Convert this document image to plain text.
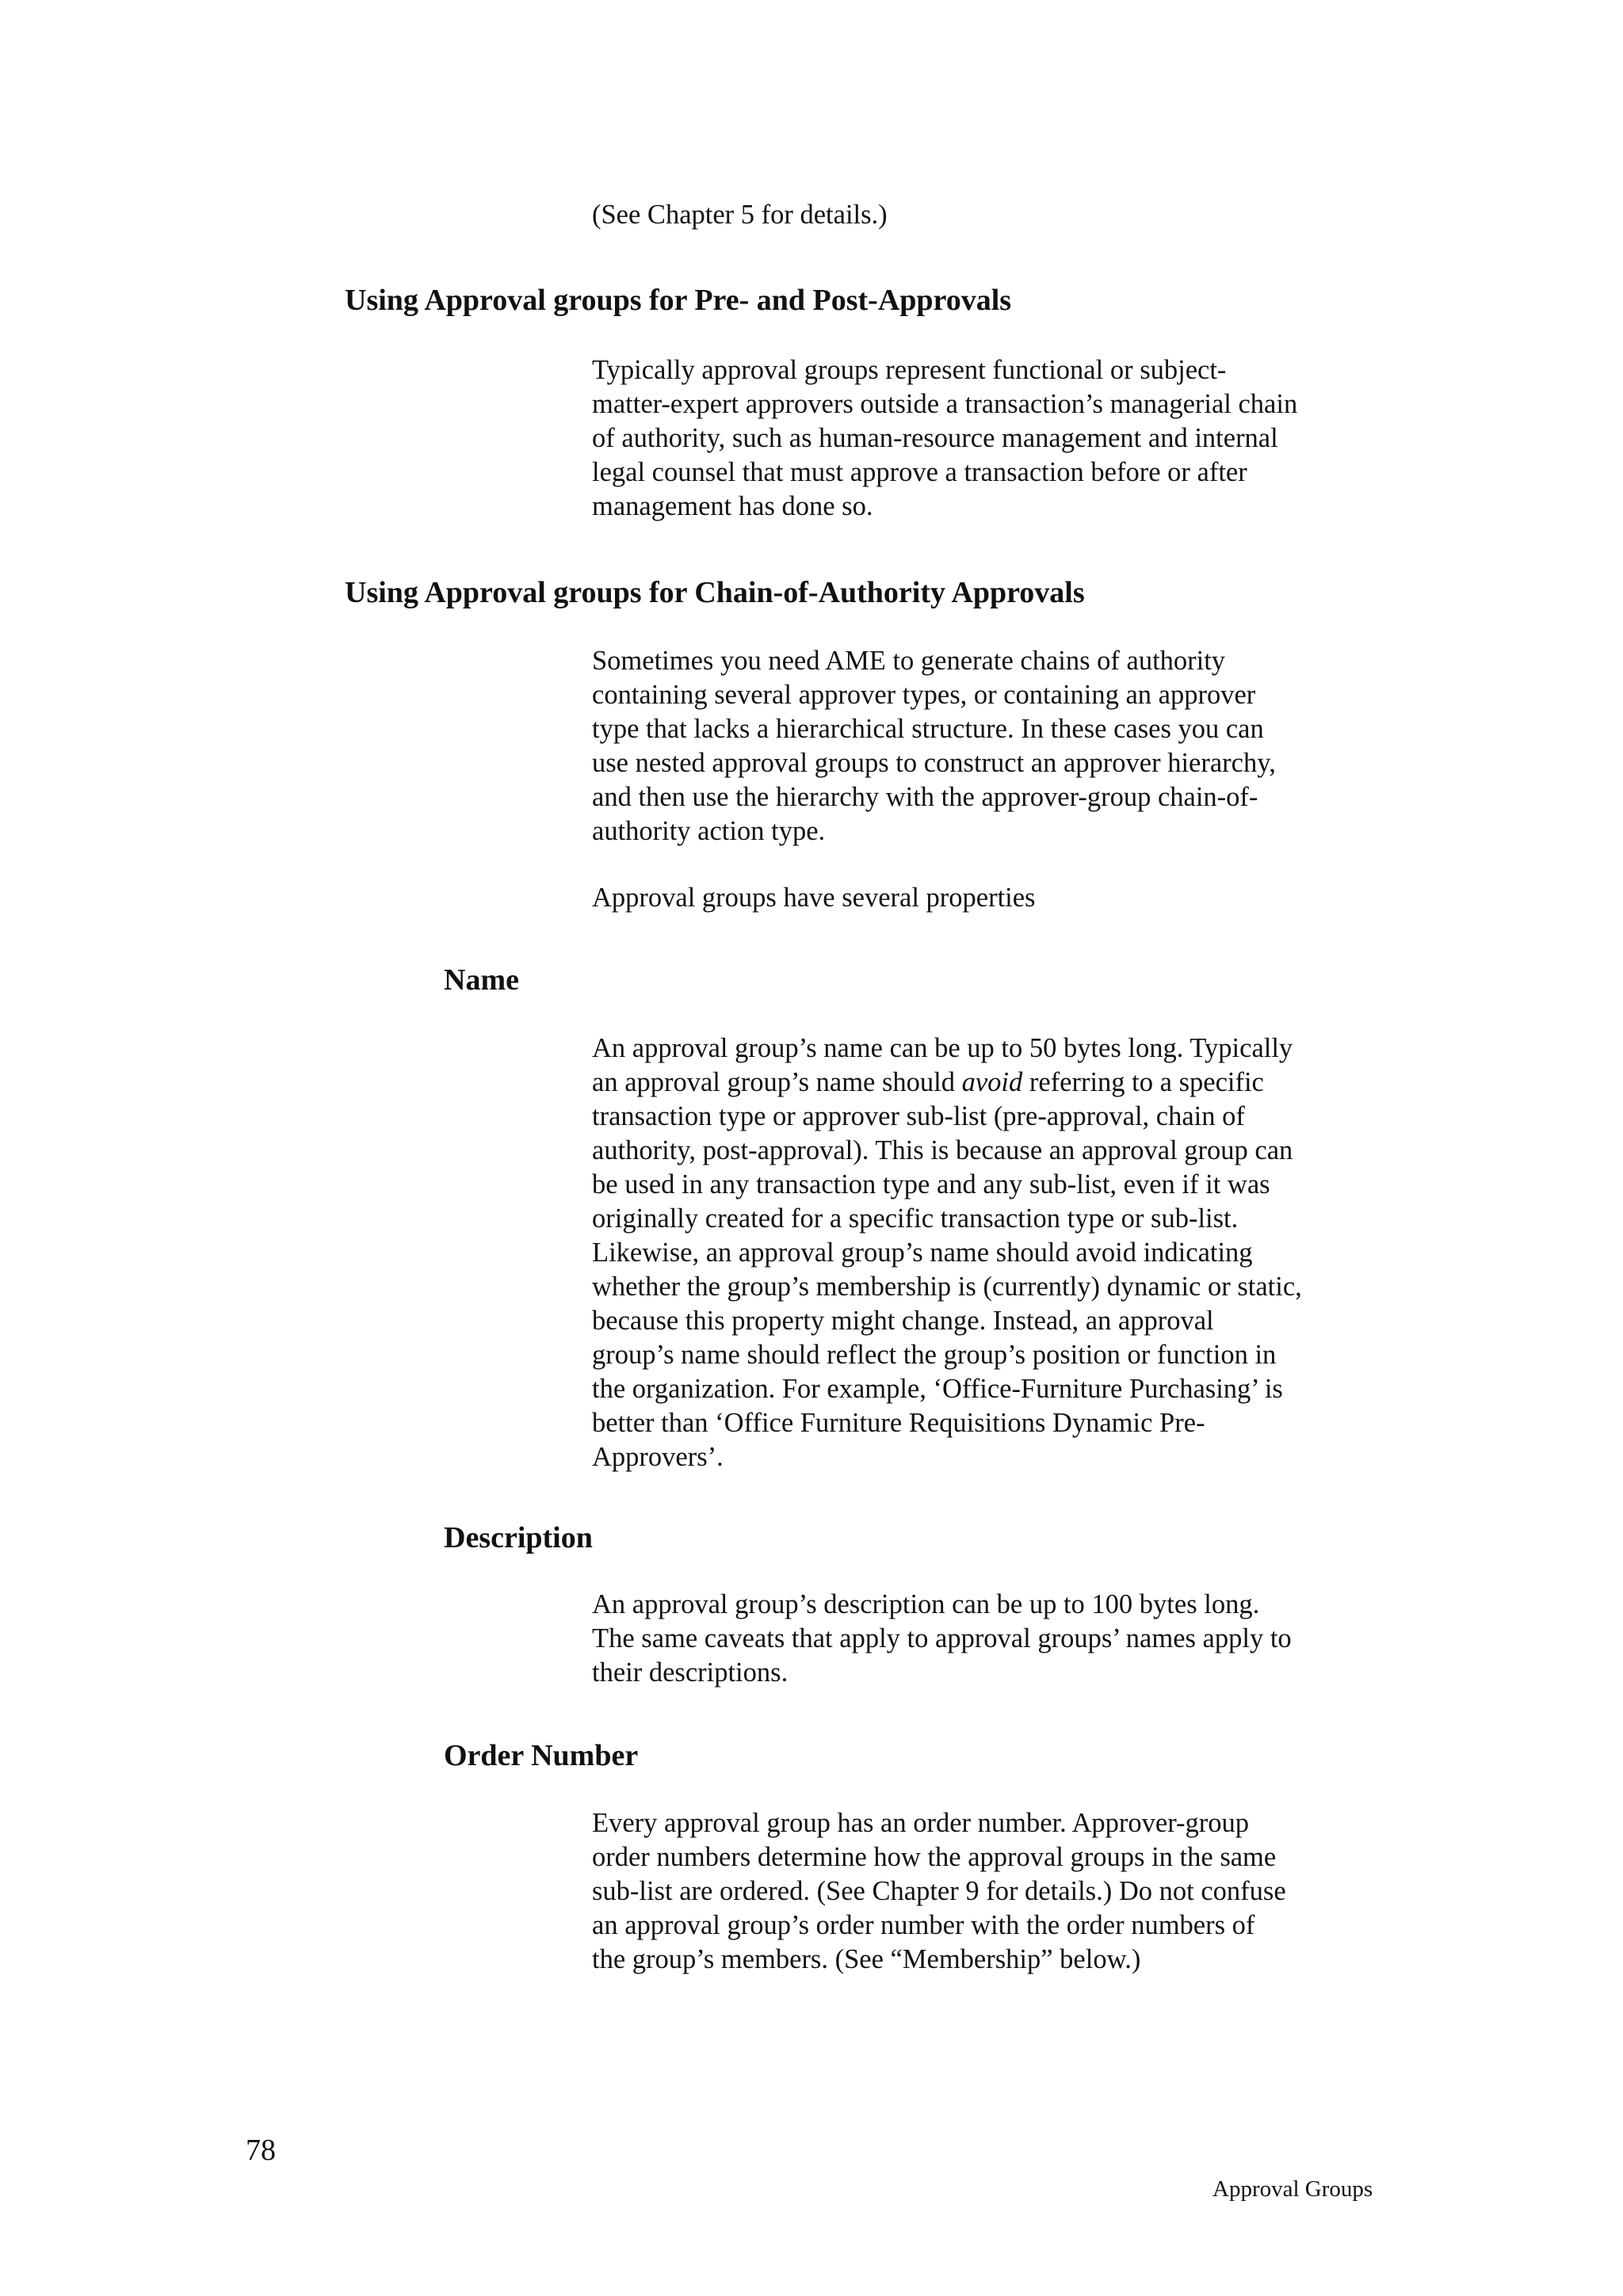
(See Chapter 5 for details.)

Using Approval groups for Pre- and Post-Approvals

Typically approval groups represent functional or subject-
matter-expert approvers outside a transaction’s managerial chain
of authority, such as human-resource management and internal
legal counsel that must approve a transaction before or after
management has done so.

Using Approval groups for Chain-of-Authority Approvals

Sometimes you need AME to generate chains of authority
containing several approver types, or containing an approver
type that lacks a hierarchical structure. In these cases you can
use nested approval groups to construct an approver hierarchy,
and then use the hierarchy with the approver-group chain-of-
authority action type.

Approval groups have several properties

Name

An approval group’s name can be up to 50 bytes long. Typically
an approval group’s name should avoid referring to a specific
transaction type or approver sub-list (pre-approval, chain of
authority, post-approval). This is because an approval group can
be used in any transaction type and any sub-list, even if it was
originally created for a specific transaction type or sub-list.
Likewise, an approval group’s name should avoid indicating
whether the group’s membership is (currently) dynamic or static,
because this property might change. Instead, an approval
group’s name should reflect the group’s position or function in
the organization. For example, ‘Office-Furniture Purchasing’ is
better than ‘Office Furniture Requisitions Dynamic Pre-
Approvers’.

Description

An approval group’s description can be up to 100 bytes long.
The same caveats that apply to approval groups’ names apply to
their descriptions.

Order Number

Every approval group has an order number. Approver-group
order numbers determine how the approval groups in the same
sub-list are ordered. (See Chapter 9 for details.) Do not confuse
an approval group’s order number with the order numbers of
the group’s members. (See “Membership” below.)

78

Approval Groups
